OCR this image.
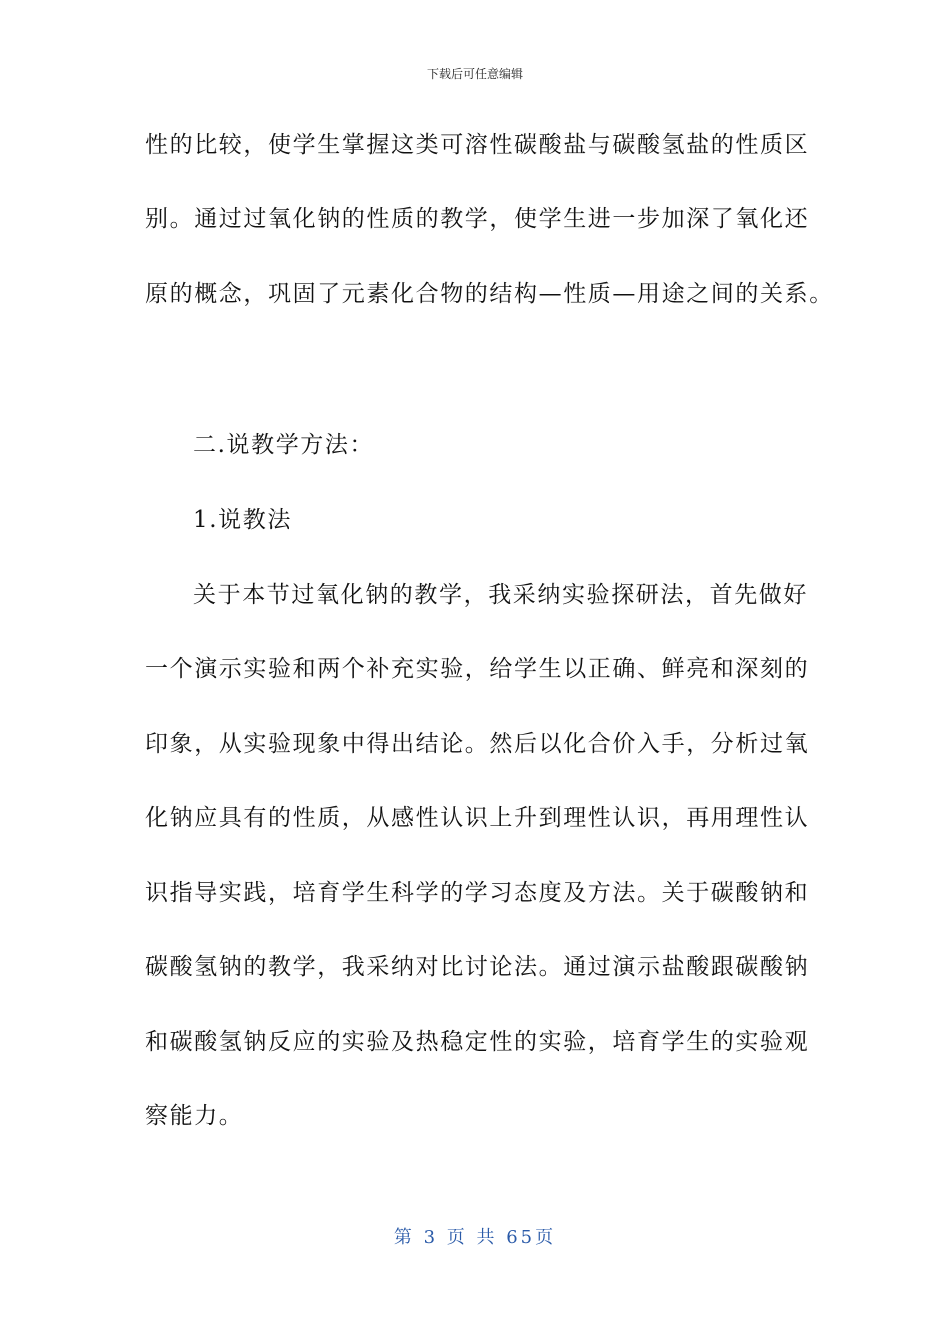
下载后可任意编辑
性的比较，使学生掌握这类可溶性碳酸盐与碳酸氢盐的性质区
别。通过过氧化钠的性质的教学，使学生进一步加深了氧化还
原的概念，巩固了元素化合物的结构—性质—用途之间的关系。
二.说教学方法：
1.说教法
关于本节过氧化钠的教学，我采纳实验探研法，首先做好
一个演示实验和两个补充实验，给学生以正确、鲜亮和深刻的
印象，从实验现象中得出结论。然后以化合价入手，分析过氧
化钠应具有的性质，从感性认识上升到理性认识，再用理性认
识指导实践，培育学生科学的学习态度及方法。关于碳酸钠和
碳酸氢钠的教学，我采纳对比讨论法。通过演示盐酸跟碳酸钠
和碳酸氢钠反应的实验及热稳定性的实验，培育学生的实验观
察能力。
第 3 页 共 65页
